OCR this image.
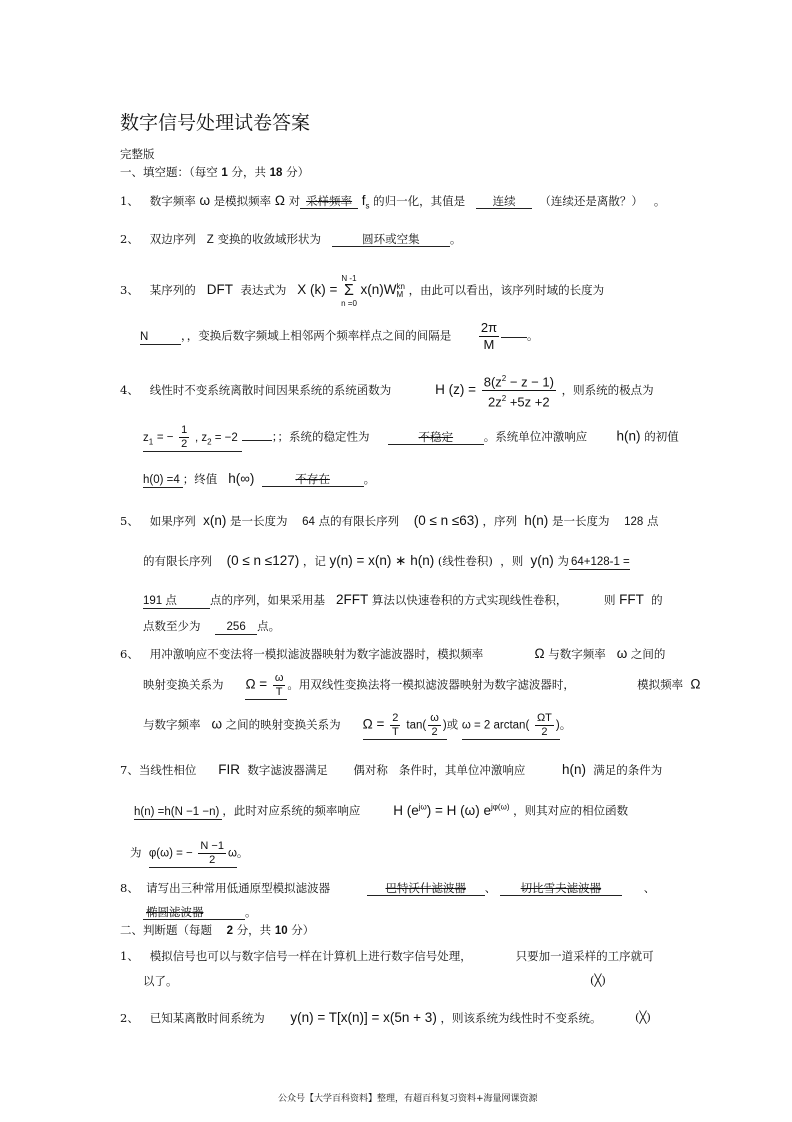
数字信号处理试卷答案
完整版
一、填空题：（每空 1 分，共 18 分）
1、 数字频率 ω 是模拟频率 Ω 对 采样频率 $f_s$ 的归一化，其值是 连续 （连续还是离散？） 。
2、 双边序列 Z 变换的收敛域形状为	圆环或空集	。
3、 某序列的 DFT 表达式为 X (k) =
N -1
Σ
n =0
x(n)W kn
M ，由此可以看出，该序列时域的长度为
N	，，变换后数字频域上相邻两个频率样点之间的间隔是 $\frac{2\pi}{M}$ 。
4、 线性时不变系统离散时间因果系统的系统函数为	H $(z) = \frac{8(z^2 - z - 1)}{2z^2 +5z +2}$ ，则系统的极点为
$z_1$ = − $\frac{1}{2}$ , $z_2 = -2$	；；系统的稳定性为	不稳定	。系统单位冲激响应 h(n) 的初值
h(0) =4 ；终值 h(∞)	不存在	。
5、 如果序列 x(n) 是一长度为 64 点的有限长序列 (0 ≤ n ≤63) ，序列 h(n) 是一长度为 128 点
的有限长序列 (0 ≤ n ≤127) ，记 y(n) = x(n) ∗ h(n) (线性卷积) ，则 y(n) 为 64+128-1 =
191 点	点的序列，如果采用基 2FFT 算法以快速卷积的方式实现线性卷积，	则 FFT 的
点数至少为 256 点。
6、 用冲激响应不变法将一模拟滤波器映射为数字滤波器时，模拟频率	Ω 与数字频率 ω 之间的
映射变换关系为 $\Omega = \frac{\omega}{T}$ 。用双线性变换法将一模拟滤波器映射为数字滤波器时，	模拟频率 Ω
与数字频率 ω 之间的映射变换关系为 $\Omega = \frac{2}{T} \tan( \frac{\omega}{2}$ )或 ω = 2 $\arctan( \frac{\Omega T}{2}$ )。
7、当线性相位 FIR 数字滤波器满足 偶对称 条件时，其单位冲激响应	h(n) 满足的条件为
h(n) =h(N −1 −n) ，此时对应系统的频率响应 H $(e^{j\omega}) = H$ (ω) $e^{j\varphi(\omega)}$ ，则其对应的相位函数
为 φ(ω) = − $\frac{N -1}{2}$ ω。
8、 请写出三种常用低通原型模拟滤波器	巴特沃什滤波器 、 切比雪夫滤波器	、
椭圆滤波器	。
二、判断题（每题 2 分，共 10 分）
1、 模拟信号也可以与数字信号一样在计算机上进行数字信号处理，	只要加一道采样的工序就可
以了。	(╳)
2、 已知某离散时间系统为 y(n) = T[x(n)] = x(5n + 3) ，则该系统为线性时不变系统。	(╳)
公众号【大学百科资料】整理，有超百科复习资料+海量网课资源
